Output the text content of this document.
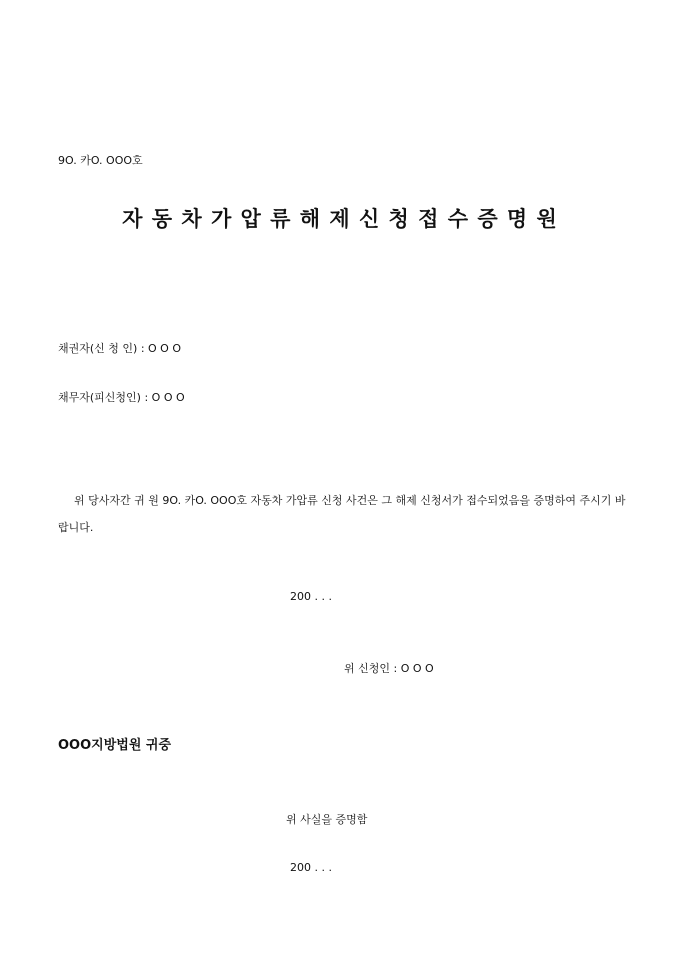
9O. 카O. OOO호
자 동 차 가 압 류 해 제 신 청 접 수 증 명 원
채권자(신 청 인) : O O O
채무자(피신청인) : O O O
위 당사자간 귀 원 9O. 카O. OOO호 자동차 가압류 신청 사건은 그 해제 신청서가 접수되었음을 증명하여 주시기 바랍니다.
200 . . .
위 신청인 : O O O
OOO지방법원 귀중
위 사실을 증명함
200 . . .
